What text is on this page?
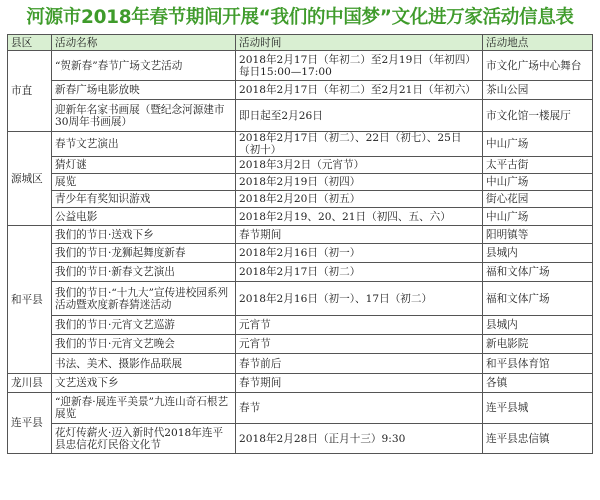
河源市2018年春节期间开展“我们的中国梦”文化进万家活动信息表
县区	活动名称	活动时间	活动地点
市直	“贺新春”春节广场文艺活动	2018年2月17日（年初二）至2月19日（年初四）每日15:00—17:00	市文化广场中心舞台
	新春广场电影放映	2018年2月17日（年初二）至2月21日（年初六）	茶山公园
	迎新年名家书画展（暨纪念河源建市30周年书画展）	即日起至2月26日	市文化馆一楼展厅
源城区	春节文艺演出	2018年2月17日（初二）、22日（初七）、25日（初十）	中山广场
	猜灯谜	2018年3月2日（元宵节）	太平古街
	展览	2018年2月19日（初四）	中山广场
	青少年有奖知识游戏	2018年2月20日（初五）	街心花园
	公益电影	2018年2月19、20、21日（初四、五、六）	中山广场
和平县	我们的节日·送戏下乡	春节期间	阳明镇等
	我们的节日·龙狮起舞度新春	2018年2月16日（初一）	县城内
	我们的节日·新春文艺演出	2018年2月17日（初二）	福和文体广场
	我们的节日·“十九大”宣传进校园系列活动暨欢度新春猜迷活动	2018年2月16日（初一）、17日（初二）	福和文体广场
	我们的节日·元宵文艺巡游	元宵节	县城内
	我们的节日·元宵文艺晚会	元宵节	新电影院
	书法、美术、摄影作品联展	春节前后	和平县体育馆
龙川县	文艺送戏下乡	春节期间	各镇
连平县	“迎新春·展连平美景”九连山奇石根艺展览	春节	连平县城
	花灯传薪火·迈入新时代2018年连平县忠信花灯民俗文化节	2018年2月28日（正月十三）9:30	连平县忠信镇
